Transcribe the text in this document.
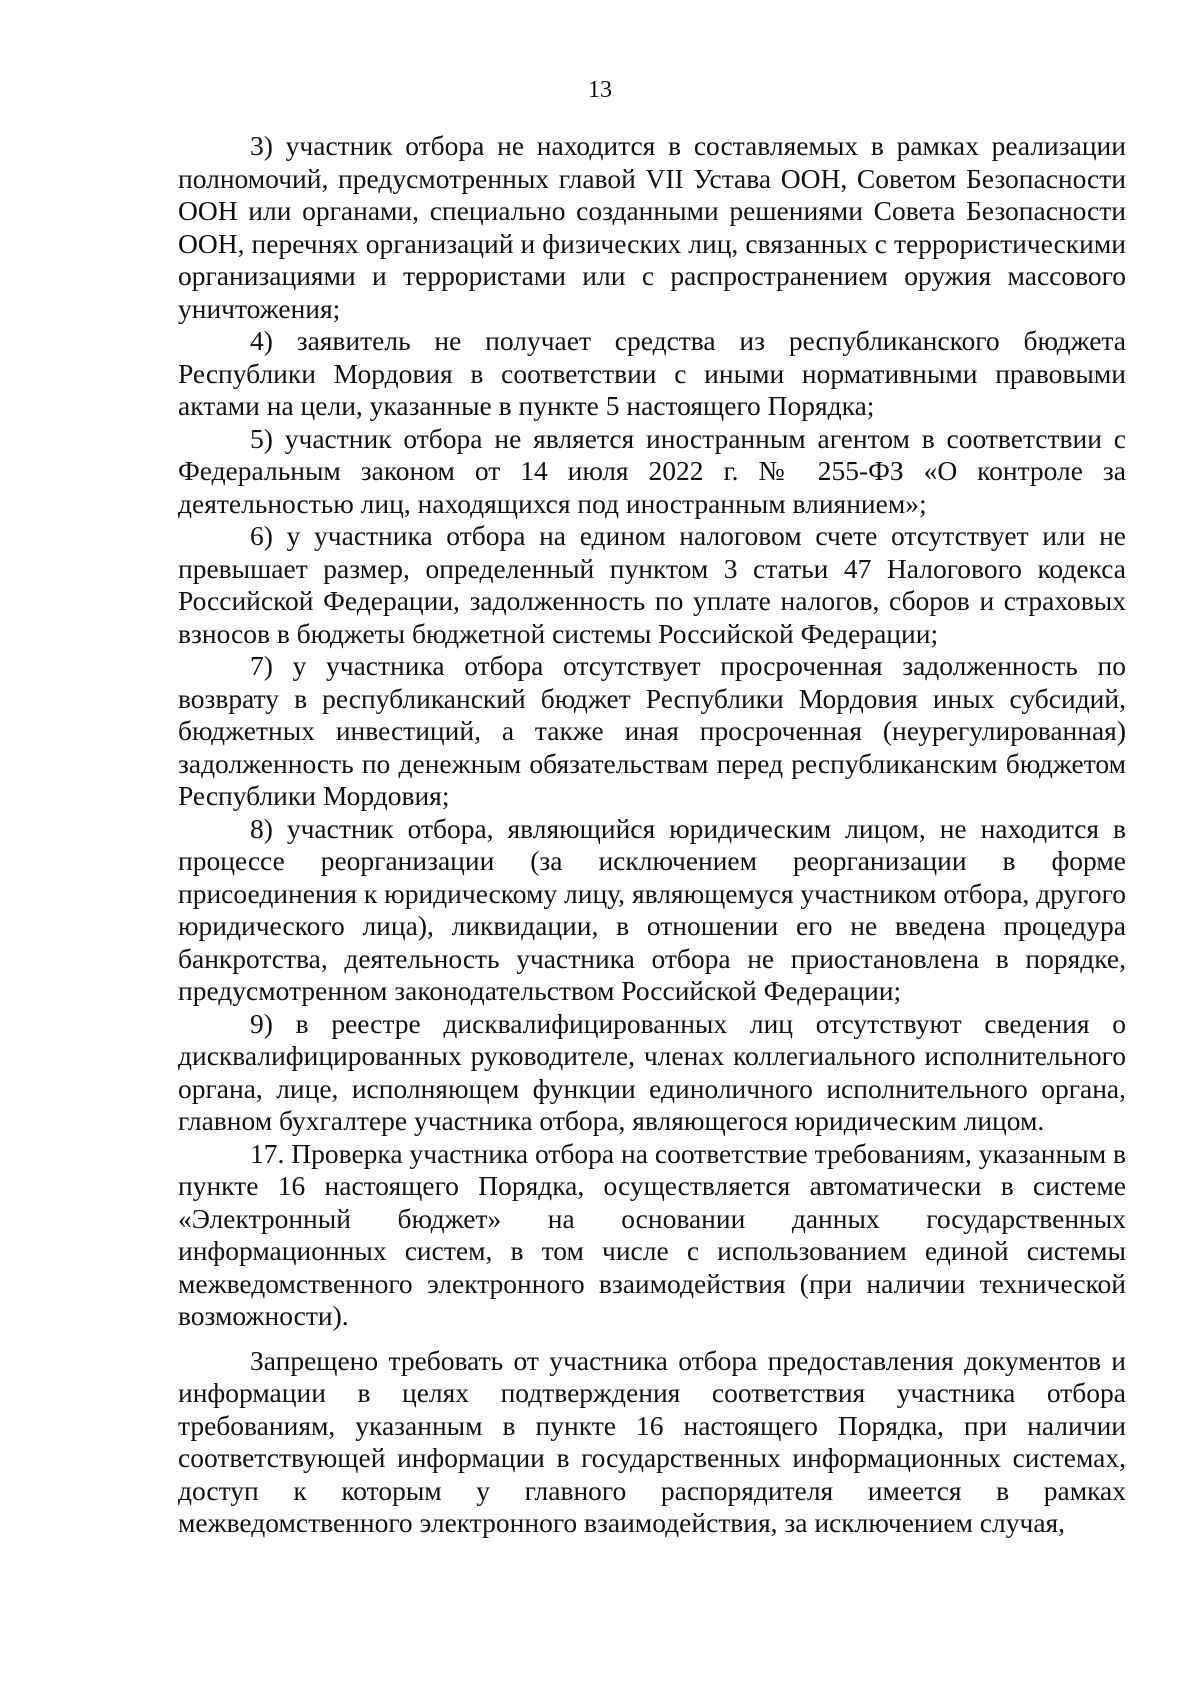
13

3) участник отбора не находится в составляемых в рамках реализации полномочий, предусмотренных главой VII Устава ООН, Советом Безопасности ООН или органами, специально созданными решениями Совета Безопасности ООН, перечнях организаций и физических лиц, связанных с террористическими организациями и террористами или с распространением оружия массового уничтожения;

4) заявитель не получает средства из республиканского бюджета Республики Мордовия в соответствии с иными нормативными правовыми актами на цели, указанные в пункте 5 настоящего Порядка;

5) участник отбора не является иностранным агентом в соответствии с Федеральным законом от 14 июля 2022 г. № 255-ФЗ «О контроле за деятельностью лиц, находящихся под иностранным влиянием»;

6) у участника отбора на едином налоговом счете отсутствует или не превышает размер, определенный пунктом 3 статьи 47 Налогового кодекса Российской Федерации, задолженность по уплате налогов, сборов и страховых взносов в бюджеты бюджетной системы Российской Федерации;

7) у участника отбора отсутствует просроченная задолженность по возврату в республиканский бюджет Республики Мордовия иных субсидий, бюджетных инвестиций, а также иная просроченная (неурегулированная) задолженность по денежным обязательствам перед республиканским бюджетом Республики Мордовия;

8) участник отбора, являющийся юридическим лицом, не находится в процессе реорганизации (за исключением реорганизации в форме присоединения к юридическому лицу, являющемуся участником отбора, другого юридического лица), ликвидации, в отношении его не введена процедура банкротства, деятельность участника отбора не приостановлена в порядке, предусмотренном законодательством Российской Федерации;

9) в реестре дисквалифицированных лиц отсутствуют сведения о дисквалифицированных руководителе, членах коллегиального исполнительного органа, лице, исполняющем функции единоличного исполнительного органа, главном бухгалтере участника отбора, являющегося юридическим лицом.

17. Проверка участника отбора на соответствие требованиям, указанным в пункте 16 настоящего Порядка, осуществляется автоматически в системе «Электронный бюджет» на основании данных государственных информационных систем, в том числе с использованием единой системы межведомственного электронного взаимодействия (при наличии технической возможности).

Запрещено требовать от участника отбора предоставления документов и информации в целях подтверждения соответствия участника отбора требованиям, указанным в пункте 16 настоящего Порядка, при наличии соответствующей информации в государственных информационных системах, доступ к которым у главного распорядителя имеется в рамках межведомственного электронного взаимодействия, за исключением случая,
